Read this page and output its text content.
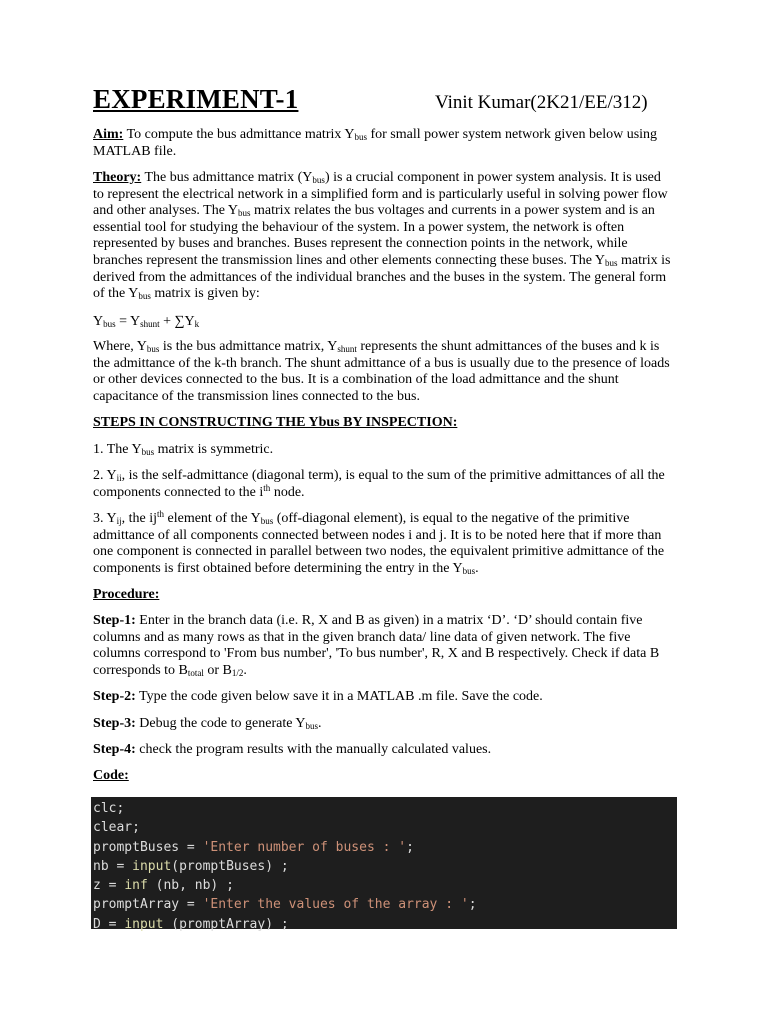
EXPERIMENT-1	Vinit Kumar(2K21/EE/312)
Aim: To compute the bus admittance matrix $Y_{bus}$ for small power system network given below using MATLAB file.
Theory: The bus admittance matrix $(Y_{bus})$ is a crucial component in power system analysis. It is used to represent the electrical network in a simplified form and is particularly useful in solving power flow and other analyses. The $Y_{bus}$ matrix relates the bus voltages and currents in a power system and is an essential tool for studying the behaviour of the system. In a power system, the network is often represented by buses and branches. Buses represent the connection points in the network, while branches represent the transmission lines and other elements connecting these buses. The $Y_{bus}$ matrix is derived from the admittances of the individual branches and the buses in the system. The general form of the $Y_{bus}$ matrix is given by:
$Y_{bus} = Y_{shunt} + \sum Y_k$
Where, $Y_{bus}$ is the bus admittance matrix, $Y_{shunt}$ represents the shunt admittances of the buses and k is the admittance of the k-th branch. The shunt admittance of a bus is usually due to the presence of loads or other devices connected to the bus. It is a combination of the load admittance and the shunt capacitance of the transmission lines connected to the bus.
STEPS IN CONSTRUCTING THE Ybus BY INSPECTION:
1. The $Y_{bus}$ matrix is symmetric.
2. $Y_{ii}$, is the self-admittance (diagonal term), is equal to the sum of the primitive admittances of all the components connected to the $i^{th}$ node.
3. $Y_{ij}$, the $ij^{th}$ element of the $Y_{bus}$ (off-diagonal element), is equal to the negative of the primitive admittance of all components connected between nodes i and j. It is to be noted here that if more than one component is connected in parallel between two nodes, the equivalent primitive admittance of the components is first obtained before determining the entry in the $Y_{bus}$.
Procedure:
Step-1: Enter in the branch data (i.e. R, X and B as given) in a matrix ‘D’. ‘D’ should contain five columns and as many rows as that in the given branch data/ line data of given network. The five columns correspond to 'From bus number', 'To bus number', R, X and B respectively. Check if data B corresponds to $B_{total}$ or $B_{1/2}$.
Step-2: Type the code given below save it in a MATLAB .m file. Save the code.
Step-3: Debug the code to generate $Y_{bus}$.
Step-4: check the program results with the manually calculated values.
Code:
clc;
clear;
promptBuses = 'Enter number of buses : ';
nb = input(promptBuses) ;
z = inf (nb, nb) ;
promptArray = 'Enter the values of the array : ';
D = input (promptArray) ;
